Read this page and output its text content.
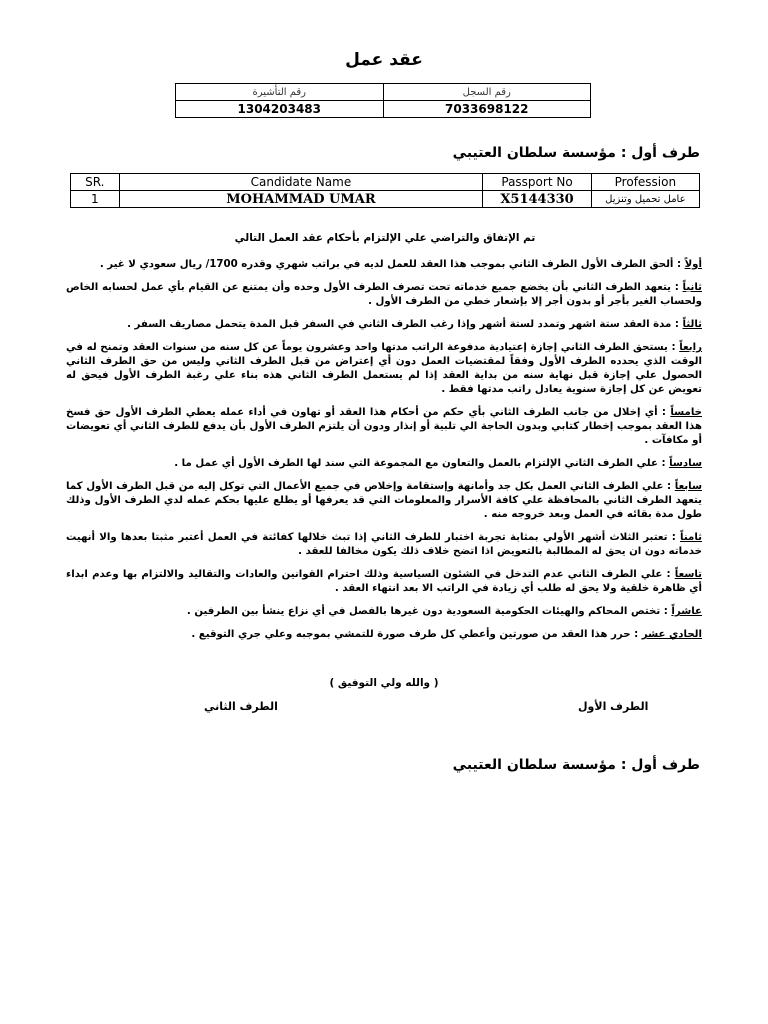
عقد عمل
رقم التأشيرة	رقم السجل
1304203483	7033698122
طرف أول : مؤسسة سلطان العتيبي
SR.	Candidate Name	Passport No	Profession
1	MOHAMMAD UMAR	X5144330	عامل تحميل وتنزيل
تم الإتفاق والتراضي علي الإلتزام بأحكام عقد العمل التالي

أولاً : ألحق الطرف الأول الطرف الثاني بموجب هذا العقد للعمل لديه في براتب شهري وقدره 1700/ ريال سعودي لا غير .

ثانياً : يتعهد الطرف الثاني بأن يخضع جميع خدماته تحت تصرف الطرف الأول وحده وأن يمتنع عن القيام بأي عمل لحسابه الخاص ولحساب الغير بأجر أو بدون أجر إلا بإشعار خطي من الطرف الأول .

ثالثاً : مدة العقد ستة اشهر وتمدد لستة أشهر وإذا رغب الطرف الثاني في السفر قبل المدة يتحمل مصاريف السفر .

رابعاً : يستحق الطرف الثاني إجازة إعتيادية مدفوعة الراتب مدتها واحد وعشرون يوماً عن كل سنه من سنوات العقد وتمنح له في الوقت الذي يحدده الطرف الأول وفقاً لمقتضيات العمل دون أي إعتراض من قبل الطرف الثاني وليس من حق الطرف الثاني الحصول علي إجازة قبل نهاية سنه من بداية العقد إذا لم يستعمل الطرف الثاني هذه بناء علي رغبة الطرف الأول فيحق له تعويض عن كل إجازة سنوية يعادل راتب مدتها فقط .

خامساً : أي إخلال من جانب الطرف الثاني بأي حكم من أحكام هذا العقد أو تهاون في أداء عمله يعطي الطرف الأول حق فسخ هذا العقد بموجب إخطار كتابي وبدون الحاجة الي تلبية أو إنذار ودون أن يلتزم الطرف الأول بأن يدفع للطرف الثاني أي تعويضات أو مكافآت .

سادساً : علي الطرف الثاني الإلتزام بالعمل والتعاون مع المجموعة التي سند لها الطرف الأول أي عمل ما .

سابعاً : علي الطرف الثاني العمل بكل جد وأمانهة وإستقامة وإخلاص في جميع الأعمال التي توكل إليه من قبل الطرف الأول كما يتعهد الطرف الثاني بالمحافظة علي كافة الأسرار والمعلومات التي قد يعرفها أو يطلع عليها بحكم عمله لدي الطرف الأول وذلك طول مدة بقائه في العمل وبعد خروجه منه .

ثامناً : تعتبر الثلاث أشهر الأولي بمثابة تجربة اختبار للطرف الثاني إذا تبث خلالها كفائتة في العمل أعتبر مثبتا بعدها والا أنهيت خدماته دون ان يحق له المطالبة بالتعويض اذا اتضح خلاف ذلك يكون مخالفا للعقد .

تاسعاً : علي الطرف الثاني عدم التدخل في الشئون السياسية وذلك احترام القوانين والعادات والتقاليد والالتزام بها وعدم ابداء أي ظاهرة خلقية ولا يحق له طلب أي زيادة في الراتب الا بعد انتهاء العقد .

عاشراً : تختص المحاكم والهيئات الحكومية السعودية دون غيرها بالفصل في أي نزاع ينشأ بين الطرفين .

الحادي عشر : حرر هذا العقد من صورتين وأعطي كل طرف صورة للتمشي بموجبه وعلي جري التوقيع .

( والله ولي التوفيق )
الطرف الأول
الطرف الثاني
طرف أول : مؤسسة سلطان العتيبي
